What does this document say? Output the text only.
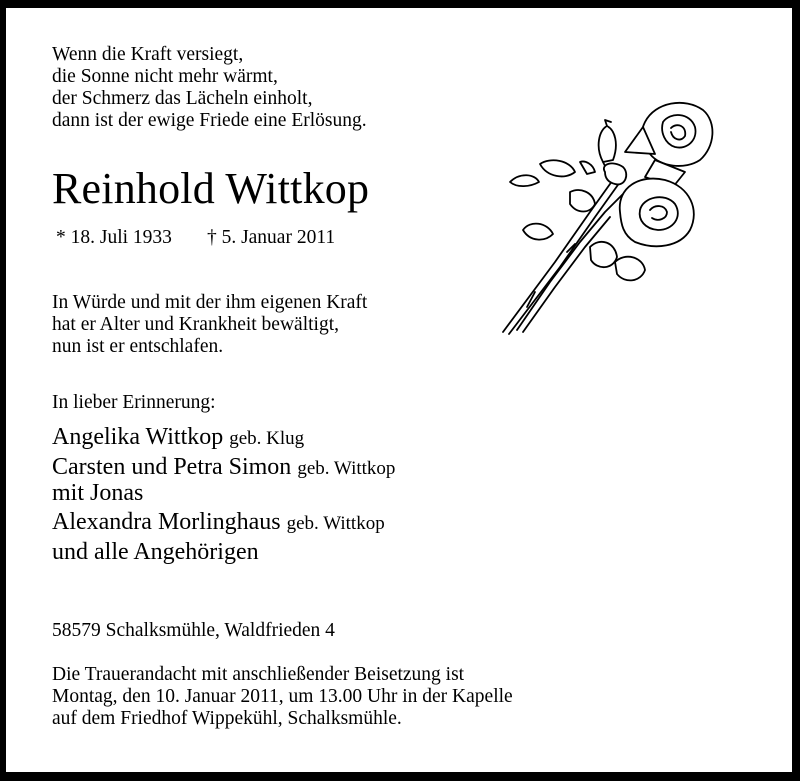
Wenn die Kraft versiegt,
die Sonne nicht mehr wärmt,
der Schmerz das Lächeln einholt,
dann ist der ewige Friede eine Erlösung.
Reinhold Wittkop
* 18. Juli 1933 † 5. Januar 2011
In Würde und mit der ihm eigenen Kraft
hat er Alter und Krankheit bewältigt,
nun ist er entschlafen.
In lieber Erinnerung:
Angelika Wittkop geb. Klug
Carsten und Petra Simon geb. Wittkop
mit Jonas
Alexandra Morlinghaus geb. Wittkop
und alle Angehörigen
58579 Schalksmühle, Waldfrieden 4
Die Trauerandacht mit anschließender Beisetzung ist
Montag, den 10. Januar 2011, um 13.00 Uhr in der Kapelle
auf dem Friedhof Wippekühl, Schalksmühle.
